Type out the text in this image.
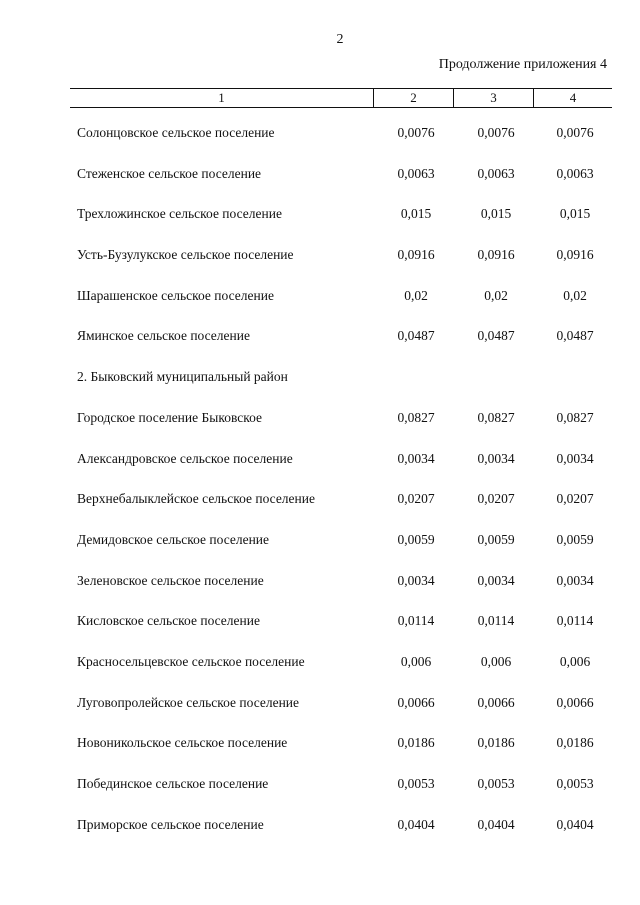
2
Продолжение приложения 4
1	2	3	4
Солонцовское сельское поселение	0,0076	0,0076	0,0076
Стеженское сельское поселение	0,0063	0,0063	0,0063
Трехложинское сельское поселение	0,015	0,015	0,015
Усть-Бузулукское сельское поселение	0,0916	0,0916	0,0916
Шарашенское сельское поселение	0,02	0,02	0,02
Яминское сельское поселение	0,0487	0,0487	0,0487
2. Быковский муниципальный район
Городское поселение Быковское	0,0827	0,0827	0,0827
Александровское сельское поселение	0,0034	0,0034	0,0034
Верхнебалыклейское сельское поселение	0,0207	0,0207	0,0207
Демидовское сельское поселение	0,0059	0,0059	0,0059
Зеленовское сельское поселение	0,0034	0,0034	0,0034
Кисловское сельское поселение	0,0114	0,0114	0,0114
Красносельцевское сельское поселение	0,006	0,006	0,006
Луговопролейское сельское поселение	0,0066	0,0066	0,0066
Новоникольское сельское поселение	0,0186	0,0186	0,0186
Побединское сельское поселение	0,0053	0,0053	0,0053
Приморское сельское поселение	0,0404	0,0404	0,0404
